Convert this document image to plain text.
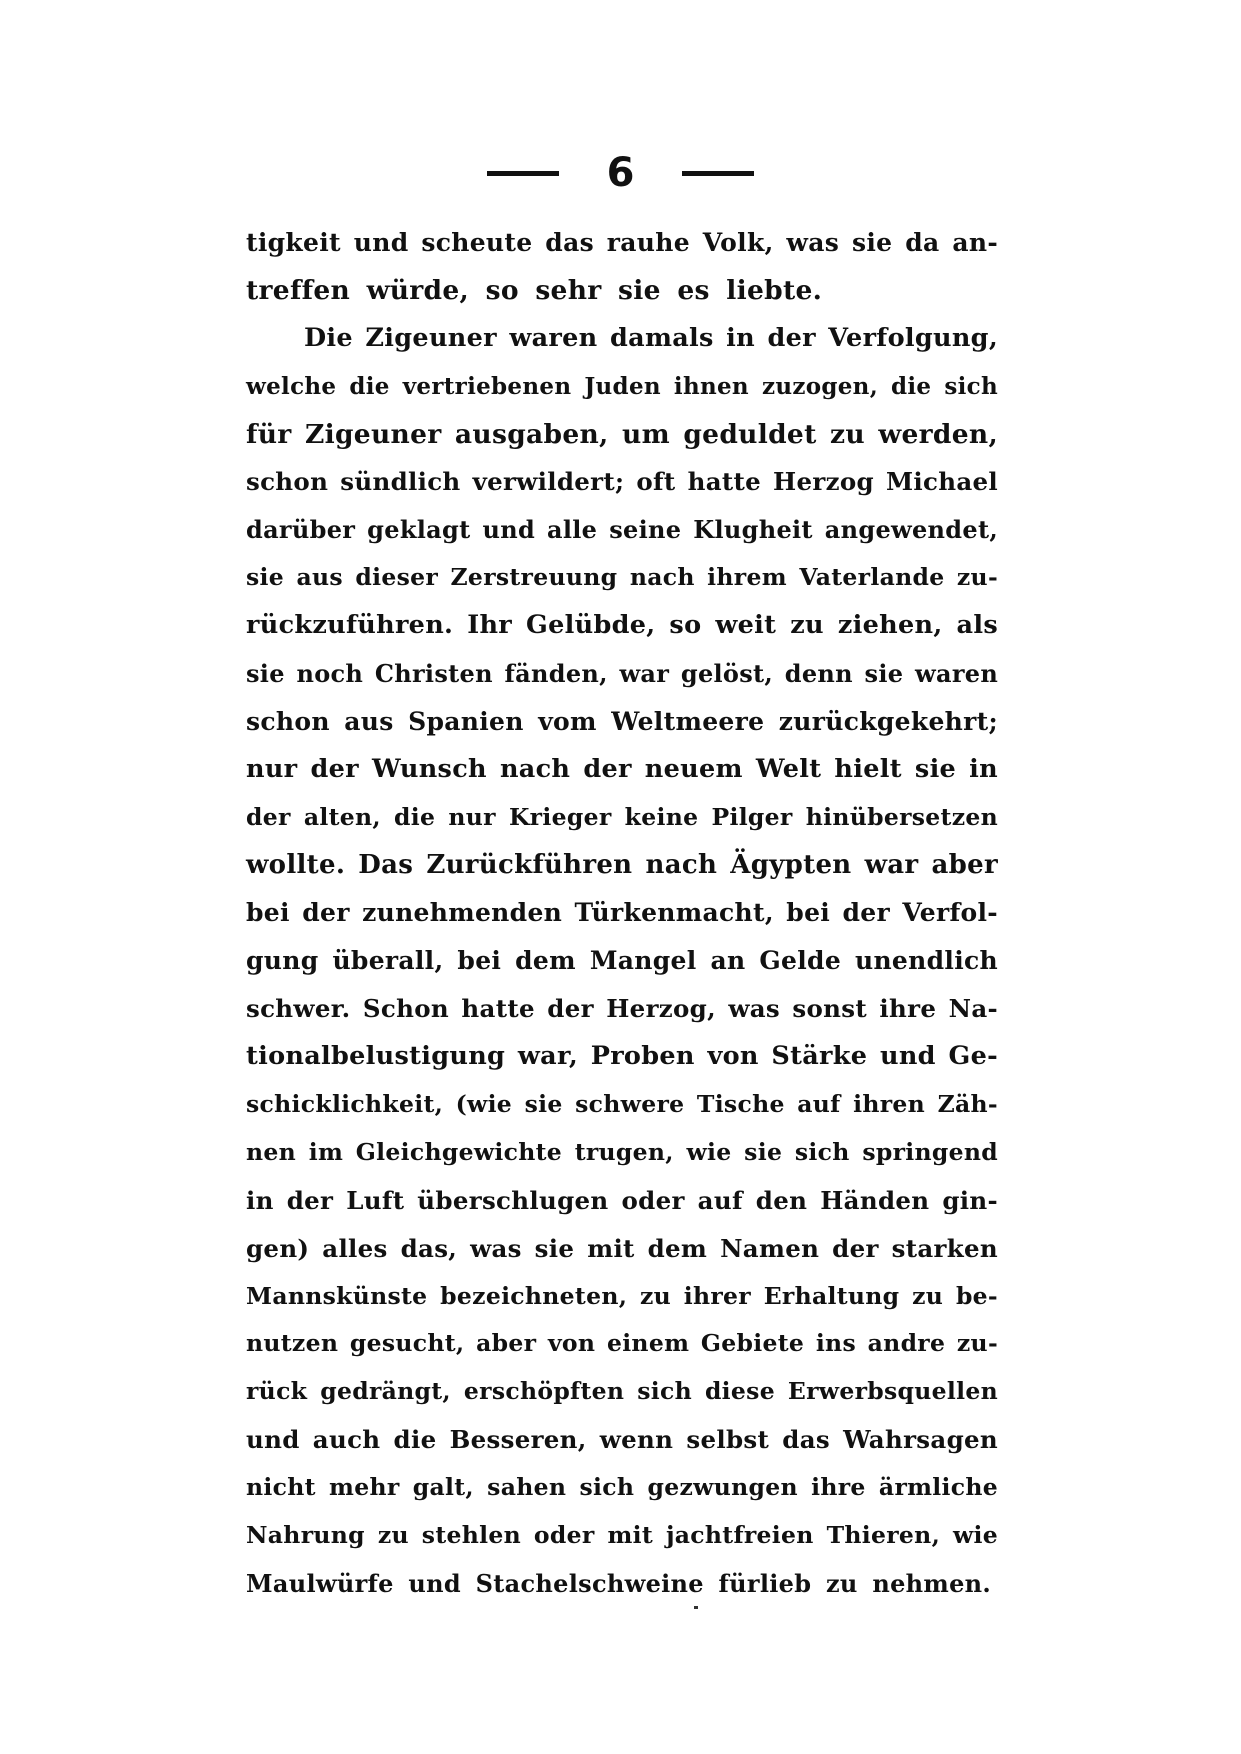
6
tigkeit und scheute das rauhe Volk, was sie da an-
treffen würde, so sehr sie es liebte.
Die Zigeuner waren damals in der Verfolgung,
welche die vertriebenen Juden ihnen zuzogen, die sich
für Zigeuner ausgaben, um geduldet zu werden,
schon sündlich verwildert; oft hatte Herzog Michael
darüber geklagt und alle seine Klugheit angewendet,
sie aus dieser Zerstreuung nach ihrem Vaterlande zu-
rückzuführen. Ihr Gelübde, so weit zu ziehen, als
sie noch Christen fänden, war gelöst, denn sie waren
schon aus Spanien vom Weltmeere zurückgekehrt;
nur der Wunsch nach der neuem Welt hielt sie in
der alten, die nur Krieger keine Pilger hinübersetzen
wollte. Das Zurückführen nach Ägypten war aber
bei der zunehmenden Türkenmacht, bei der Verfol-
gung überall, bei dem Mangel an Gelde unendlich
schwer. Schon hatte der Herzog, was sonst ihre Na-
tionalbelustigung war, Proben von Stärke und Ge-
schicklichkeit, (wie sie schwere Tische auf ihren Zäh-
nen im Gleichgewichte trugen, wie sie sich springend
in der Luft überschlugen oder auf den Händen gin-
gen) alles das, was sie mit dem Namen der starken
Mannskünste bezeichneten, zu ihrer Erhaltung zu be-
nutzen gesucht, aber von einem Gebiete ins andre zu-
rück gedrängt, erschöpften sich diese Erwerbsquellen
und auch die Besseren, wenn selbst das Wahrsagen
nicht mehr galt, sahen sich gezwungen ihre ärmliche
Nahrung zu stehlen oder mit jachtfreien Thieren, wie
Maulwürfe und Stachelschweine fürlieb zu nehmen.
